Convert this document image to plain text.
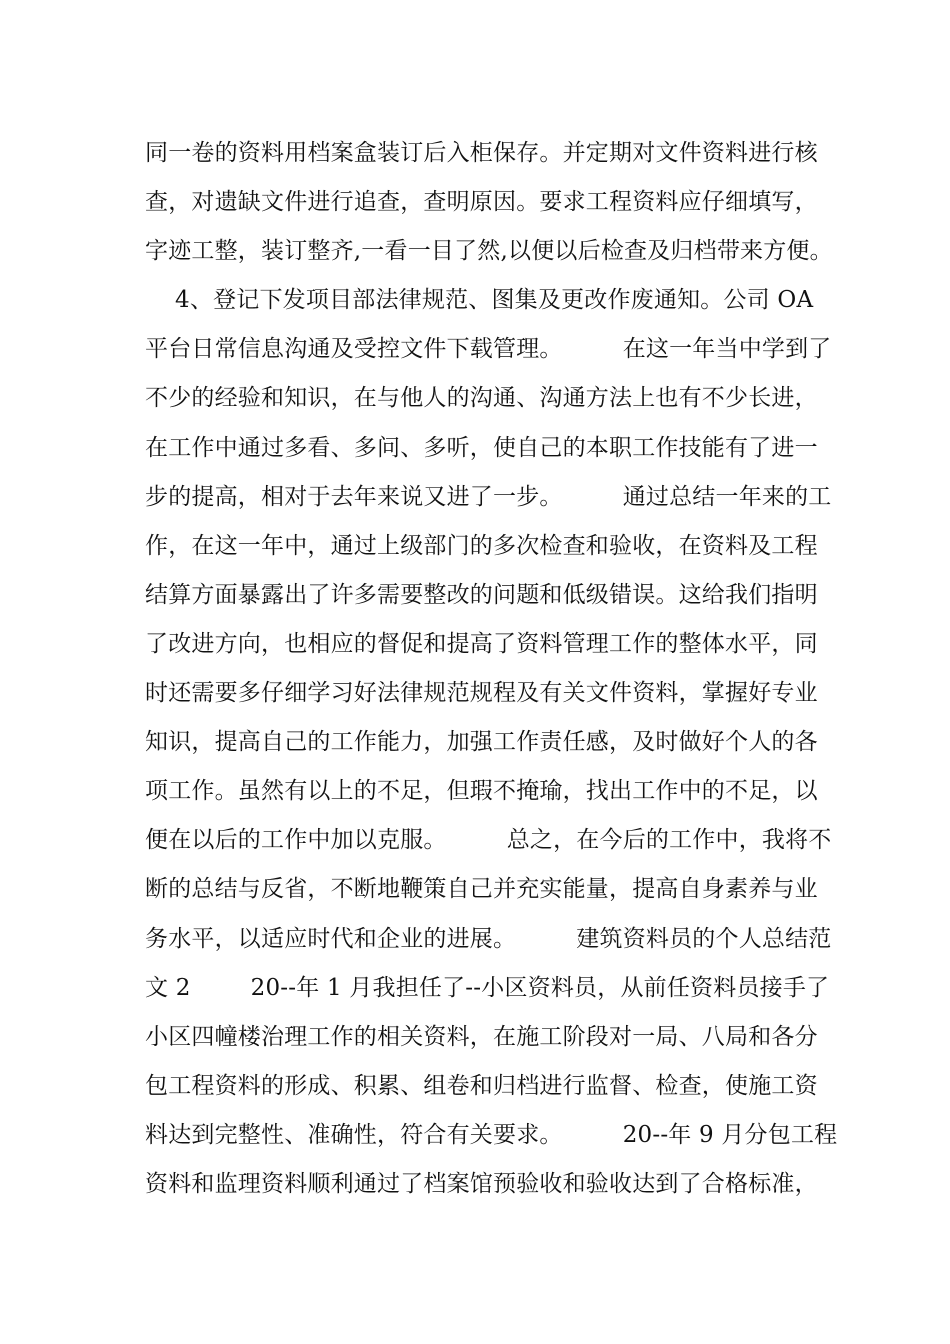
同一卷的资料用档案盒装订后入柜保存。并定期对文件资料进行核
查，对遗缺文件进行追查，查明原因。要求工程资料应仔细填写，
字迹工整，装订整齐,一看一目了然,以便以后检查及归档带来方便。
4、登记下发项目部法律规范、图集及更改作废通知。公司 OA
平台日常信息沟通及受控文件下载管理。        在这一年当中学到了
不少的经验和知识，在与他人的沟通、沟通方法上也有不少长进，
在工作中通过多看、多问、多听，使自己的本职工作技能有了进一
步的提高，相对于去年来说又进了一步。        通过总结一年来的工
作，在这一年中，通过上级部门的多次检查和验收，在资料及工程
结算方面暴露出了许多需要整改的问题和低级错误。这给我们指明
了改进方向，也相应的督促和提高了资料管理工作的整体水平，同
时还需要多仔细学习好法律规范规程及有关文件资料，掌握好专业
知识，提高自己的工作能力，加强工作责任感，及时做好个人的各
项工作。虽然有以上的不足，但瑕不掩瑜，找出工作中的不足，以
便在以后的工作中加以克服。        总之，在今后的工作中，我将不
断的总结与反省，不断地鞭策自己并充实能量，提高自身素养与业
务水平，以适应时代和企业的进展。        建筑资料员的个人总结范
文 2        20--年 1 月我担任了--小区资料员，从前任资料员接手了
小区四幢楼治理工作的相关资料，在施工阶段对一局、八局和各分
包工程资料的形成、积累、组卷和归档进行监督、检查，使施工资
料达到完整性、准确性，符合有关要求。        20--年 9 月分包工程
资料和监理资料顺利通过了档案馆预验收和验收达到了合格标准，
